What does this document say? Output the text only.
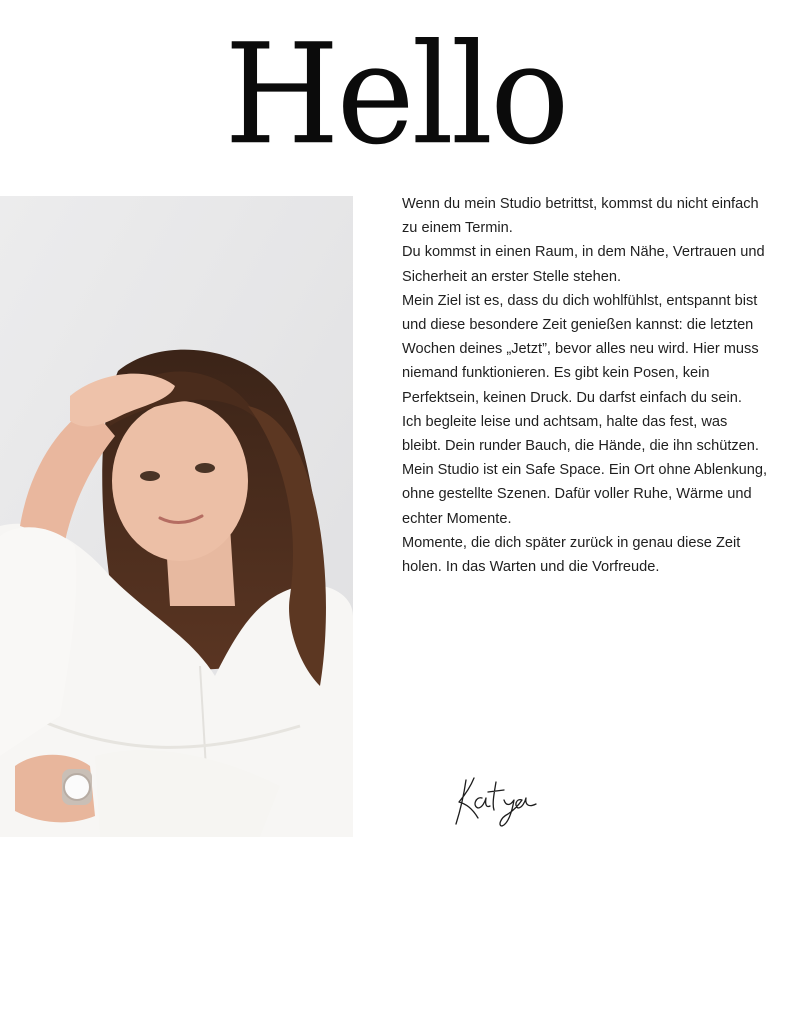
Hello

Wenn du mein Studio betrittst, kommst du nicht einfach zu einem Termin.

Du kommst in einen Raum, in dem Nähe, Vertrauen und Sicherheit an erster Stelle stehen.

Mein Ziel ist es, dass du dich wohlfühlst, entspannt bist und diese besondere Zeit genießen kannst: die letzten Wochen deines „Jetzt”, bevor alles neu wird. Hier muss niemand funktionieren. Es gibt kein Posen, kein Perfektsein, keinen Druck. Du darfst einfach du sein.

Ich begleite leise und achtsam, halte das fest, was bleibt. Dein runder Bauch, die Hände, die ihn schützen.

Mein Studio ist ein Safe Space. Ein Ort ohne Ablenkung, ohne gestellte Szenen. Dafür voller Ruhe, Wärme und echter Momente.

Momente, die dich später zurück in genau diese Zeit holen. In das Warten und die Vorfreude.
